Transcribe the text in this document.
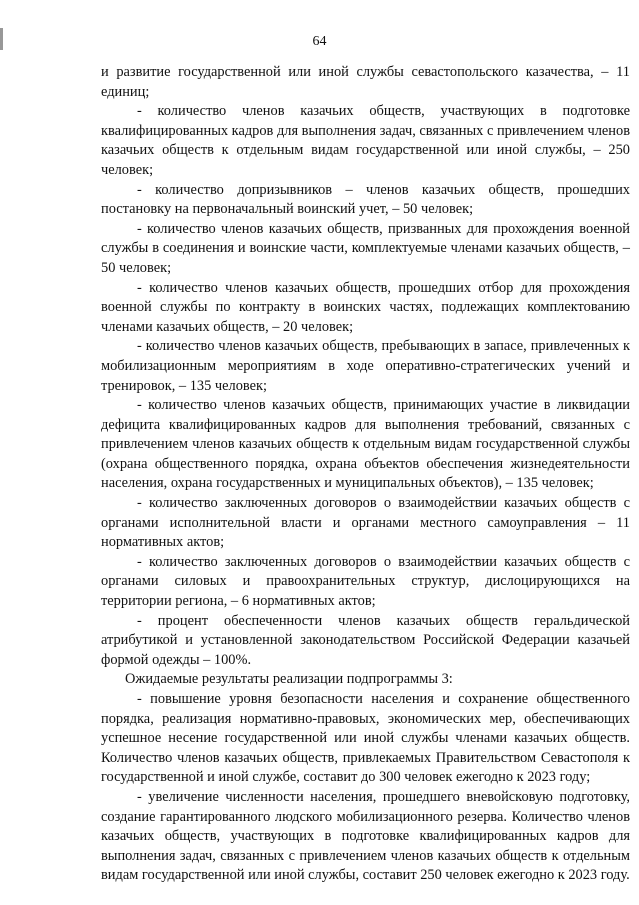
64

и развитие государственной или иной службы севастопольского казачества, – 11 единиц;

- количество членов казачьих обществ, участвующих в подготовке квалифицированных кадров для выполнения задач, связанных с привлечением членов казачьих обществ к отдельным видам государственной или иной службы, – 250 человек;

- количество допризывников – членов казачьих обществ, прошедших постановку на первоначальный воинский учет, – 50 человек;

- количество членов казачьих обществ, призванных для прохождения военной службы в соединения и воинские части, комплектуемые членами казачьих обществ, – 50 человек;

- количество членов казачьих обществ, прошедших отбор для прохождения военной службы по контракту в воинских частях, подлежащих комплектованию членами казачьих обществ, – 20 человек;

- количество членов казачьих обществ, пребывающих в запасе, привлеченных к мобилизационным мероприятиям в ходе оперативно-стратегических учений и тренировок, – 135 человек;

- количество членов казачьих обществ, принимающих участие в ликвидации дефицита квалифицированных кадров для выполнения требований, связанных с привлечением членов казачьих обществ к отдельным видам государственной службы (охрана общественного порядка, охрана объектов обеспечения жизнедеятельности населения, охрана государственных и муниципальных объектов), – 135 человек;

- количество заключенных договоров о взаимодействии казачьих обществ с органами исполнительной власти и органами местного самоуправления – 11 нормативных актов;

- количество заключенных договоров о взаимодействии казачьих обществ с органами силовых и правоохранительных структур, дислоцирующихся на территории региона, – 6 нормативных актов;

- процент обеспеченности членов казачьих обществ геральдической атрибутикой и установленной законодательством Российской Федерации казачьей формой одежды – 100%.

Ожидаемые результаты реализации подпрограммы 3:

- повышение уровня безопасности населения и сохранение общественного порядка, реализация нормативно-правовых, экономических мер, обеспечивающих успешное несение государственной или иной службы членами казачьих обществ. Количество членов казачьих обществ, привлекаемых Правительством Севастополя к государственной и иной службе, составит до 300 человек ежегодно к 2023 году;

- увеличение численности населения, прошедшего вневойсковую подготовку, создание гарантированного людского мобилизационного резерва. Количество членов казачьих обществ, участвующих в подготовке квалифицированных кадров для выполнения задач, связанных с привлечением членов казачьих обществ к отдельным видам государственной или иной службы, составит 250 человек ежегодно к 2023 году.
